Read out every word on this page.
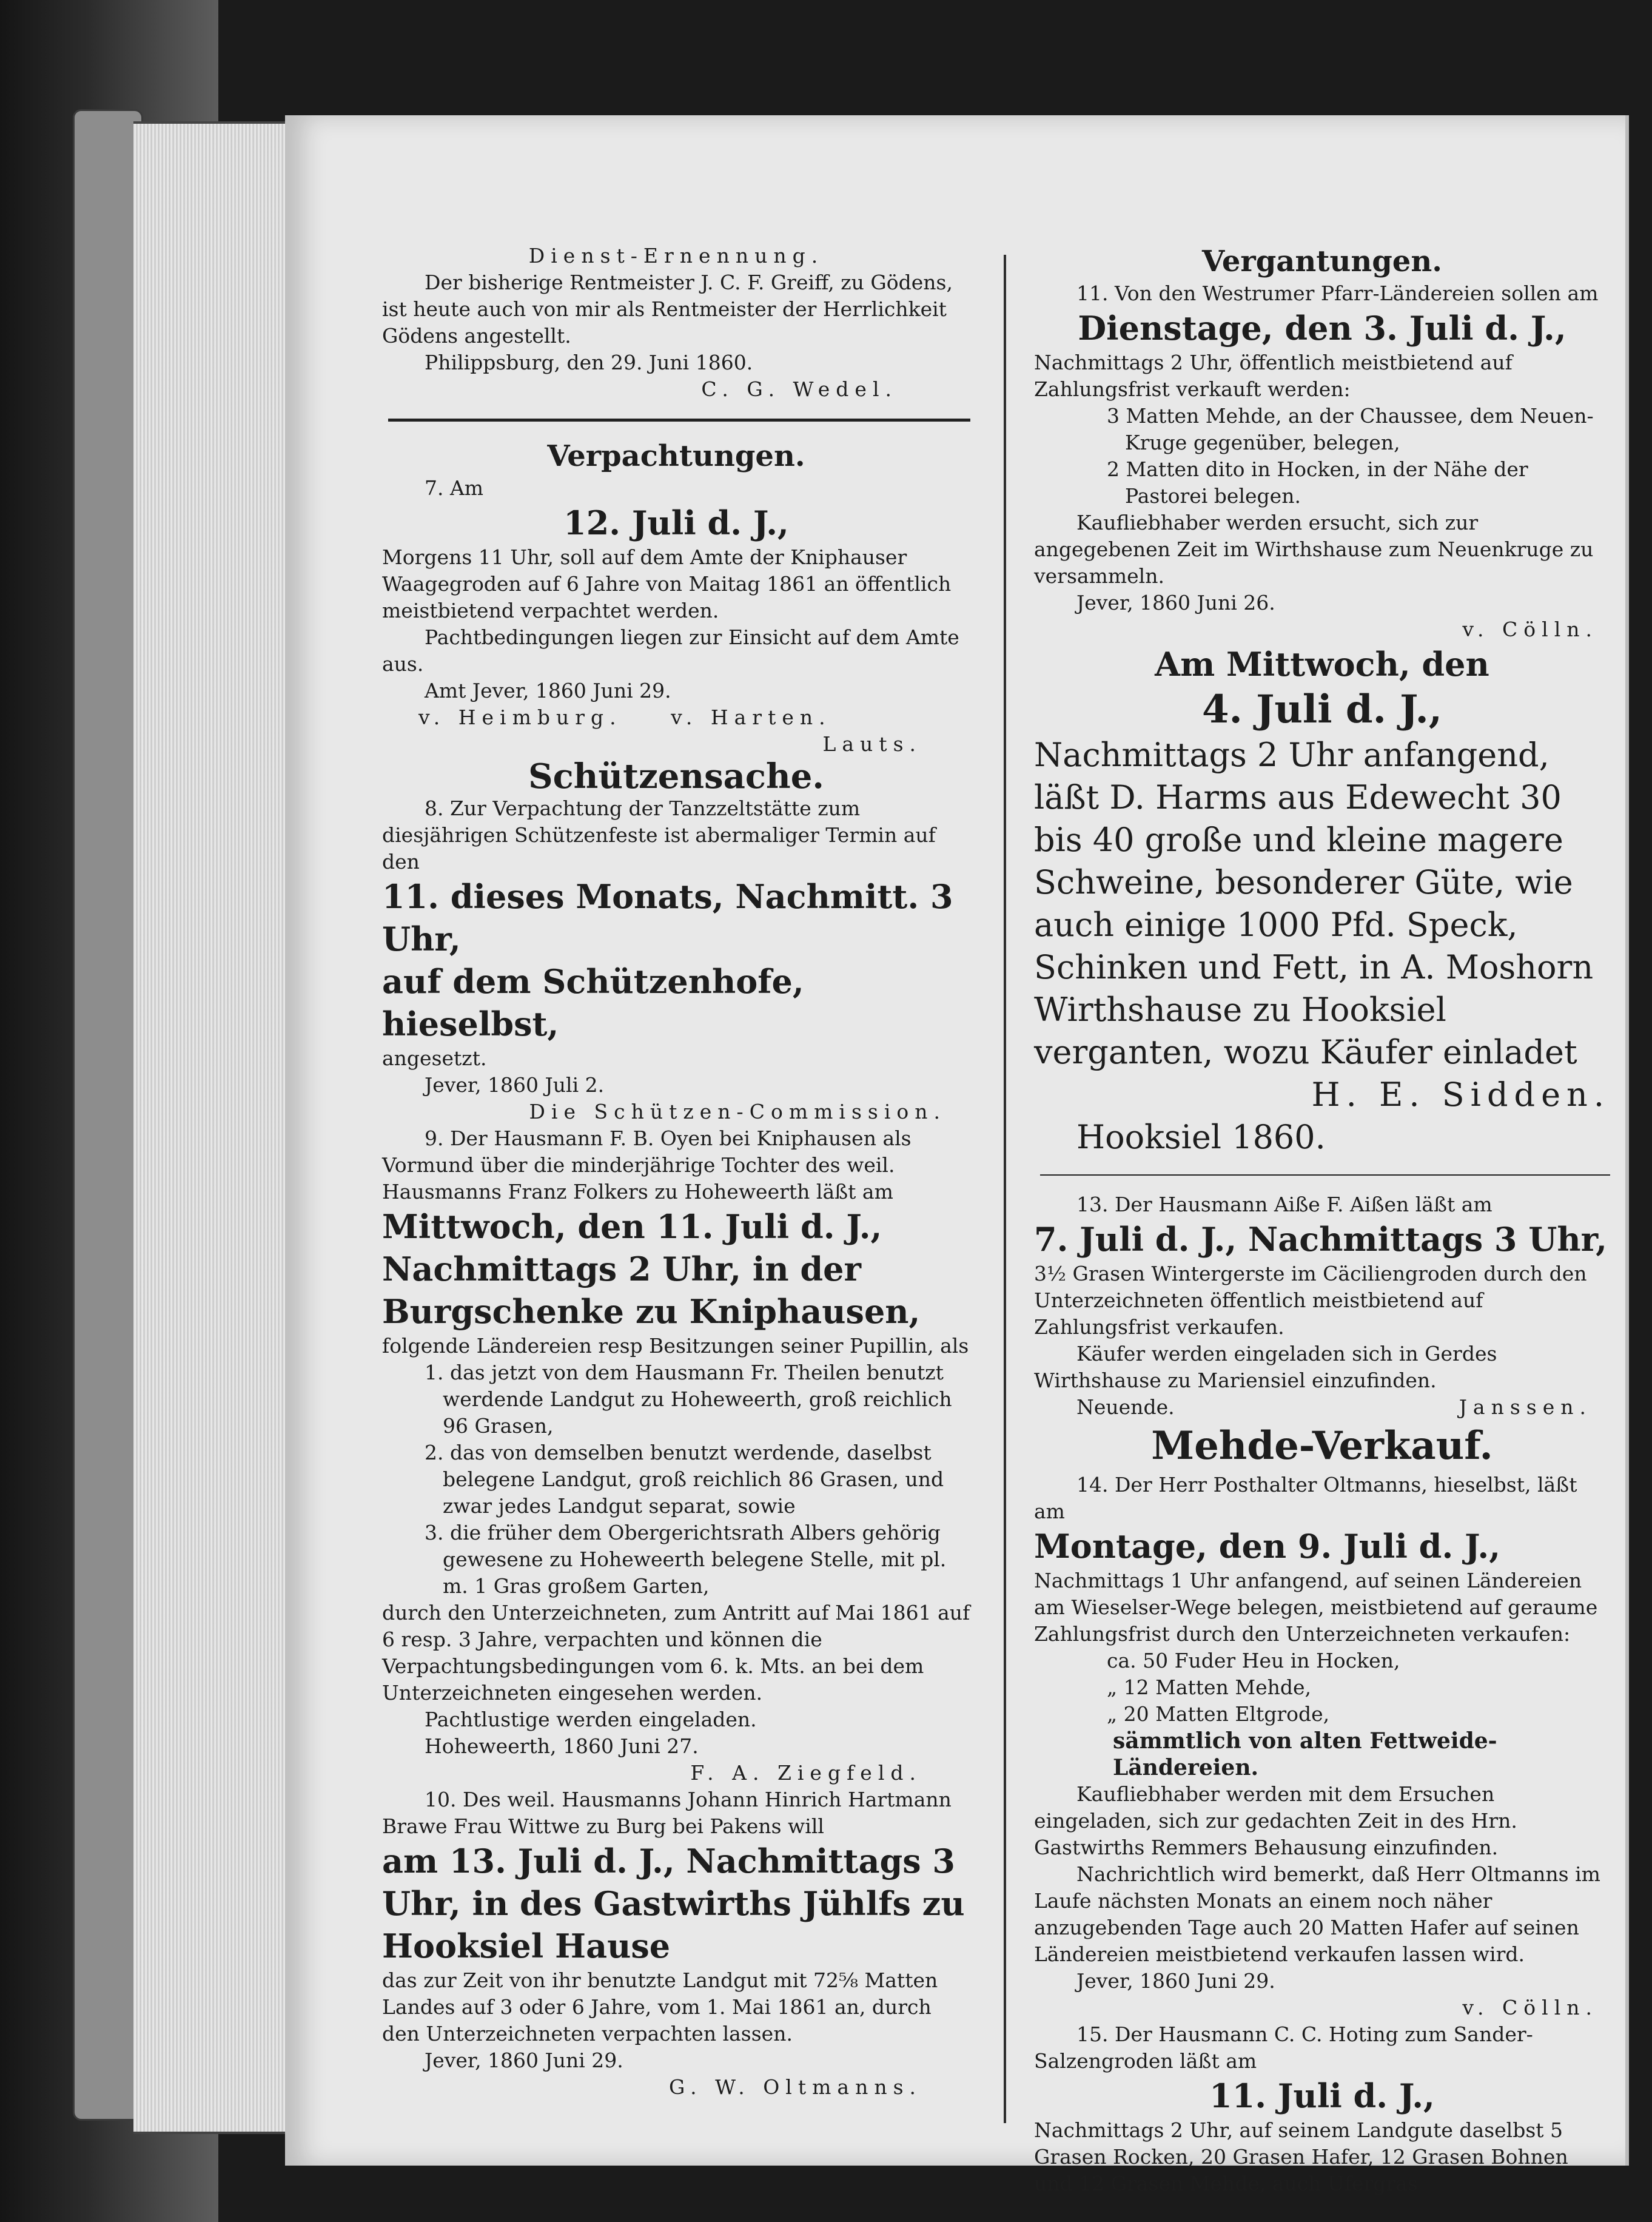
Dienst-Ernennung.

Der bisherige Rentmeister J. C. F. Greiff, zu Gödens, ist heute auch von mir als Rentmeister der Herrlichkeit Gödens angestellt.

Philippsburg, den 29. Juni 1860.

C. G. Wedel.

Verpachtungen.

7. Am

12. Juli d. J.,

Morgens 11 Uhr, soll auf dem Amte der Kniphauser Waagegroden auf 6 Jahre von Maitag 1861 an öffentlich meistbietend verpachtet werden.

Pachtbedingungen liegen zur Einsicht auf dem Amte aus.

Amt Jever, 1860 Juni 29.

v. Heimburg. v. Harten.

Lauts.

Schützensache.

8. Zur Verpachtung der Tanzzeltstätte zum diesjährigen Schützenfeste ist abermaliger Termin auf den

11. dieses Monats, Nachmitt. 3 Uhr,

auf dem Schützenhofe, hieselbst,

angesetzt.

Jever, 1860 Juli 2.

Die Schützen-Commission.

9. Der Hausmann F. B. Oyen bei Kniphausen als Vormund über die minderjährige Tochter des weil. Hausmanns Franz Folkers zu Hoheweerth läßt am

Mittwoch, den 11. Juli d. J.,

Nachmittags 2 Uhr, in der Burgschenke zu Kniphausen,

folgende Ländereien resp Besitzungen seiner Pupillin, als

1. das jetzt von dem Hausmann Fr. Theilen benutzt werdende Landgut zu Hoheweerth, groß reichlich 96 Grasen,

2. das von demselben benutzt werdende, daselbst belegene Landgut, groß reichlich 86 Grasen, und zwar jedes Landgut separat, sowie

3. die früher dem Obergerichtsrath Albers gehörig gewesene zu Hoheweerth belegene Stelle, mit pl. m. 1 Gras großem Garten,

durch den Unterzeichneten, zum Antritt auf Mai 1861 auf 6 resp. 3 Jahre, verpachten und können die Verpachtungsbedingungen vom 6. k. Mts. an bei dem Unterzeichneten eingesehen werden.

Pachtlustige werden eingeladen.

Hoheweerth, 1860 Juni 27.

F. A. Ziegfeld.

10. Des weil. Hausmanns Johann Hinrich Hartmann Brawe Frau Wittwe zu Burg bei Pakens will

am 13. Juli d. J., Nachmittags 3 Uhr, in des Gastwirths Jühlfs zu Hooksiel Hause

das zur Zeit von ihr benutzte Landgut mit 72⅝ Matten Landes auf 3 oder 6 Jahre, vom 1. Mai 1861 an, durch den Unterzeichneten verpachten lassen.

Jever, 1860 Juni 29.

G. W. Oltmanns.

Vergantungen.

11. Von den Westrumer Pfarr-Ländereien sollen am

Dienstage, den 3. Juli d. J.,

Nachmittags 2 Uhr, öffentlich meistbietend auf Zahlungsfrist verkauft werden:

3 Matten Mehde, an der Chaussee, dem Neuen-Kruge gegenüber, belegen,

2 Matten dito in Hocken, in der Nähe der Pastorei belegen.

Kaufliebhaber werden ersucht, sich zur angegebenen Zeit im Wirthshause zum Neuenkruge zu versammeln.

Jever, 1860 Juni 26.

v. Cölln.

Am Mittwoch, den

4. Juli d. J.,

Nachmittags 2 Uhr anfangend, läßt D. Harms aus Edewecht 30 bis 40 große und kleine magere Schweine, besonderer Güte, wie auch einige 1000 Pfd. Speck, Schinken und Fett, in A. Moshorn Wirthshause zu Hooksiel verganten, wozu Käufer einladet

H. E. Sidden.

Hooksiel 1860.

13. Der Hausmann Aiße F. Aißen läßt am

7. Juli d. J., Nachmittags 3 Uhr,

3½ Grasen Wintergerste im Cäciliengroden durch den Unterzeichneten öffentlich meistbietend auf Zahlungsfrist verkaufen.

Käufer werden eingeladen sich in Gerdes Wirthshause zu Mariensiel einzufinden.

Neuende.	Janssen.

Mehde-Verkauf.

14. Der Herr Posthalter Oltmanns, hieselbst, läßt am

Montage, den 9. Juli d. J.,

Nachmittags 1 Uhr anfangend, auf seinen Ländereien am Wieselser-Wege belegen, meistbietend auf geraume Zahlungsfrist durch den Unterzeichneten verkaufen:

ca. 50 Fuder Heu in Hocken,

„ 12 Matten Mehde,

„ 20 Matten Eltgrode,

sämmtlich von alten Fettweide-Ländereien.

Kaufliebhaber werden mit dem Ersuchen eingeladen, sich zur gedachten Zeit in des Hrn. Gastwirths Remmers Behausung einzufinden.

Nachrichtlich wird bemerkt, daß Herr Oltmanns im Laufe nächsten Monats an einem noch näher anzugebenden Tage auch 20 Matten Hafer auf seinen Ländereien meistbietend verkaufen lassen wird.

Jever, 1860 Juni 29.

v. Cölln.

15. Der Hausmann C. C. Hoting zum Sander-Salzengroden läßt am

11. Juli d. J.,

Nachmittags 2 Uhr, auf seinem Landgute daselbst 5 Grasen Rocken, 20 Grasen Hafer, 12 Grasen Bohnen und 12 Grasen Mehde, auch Ufergras
